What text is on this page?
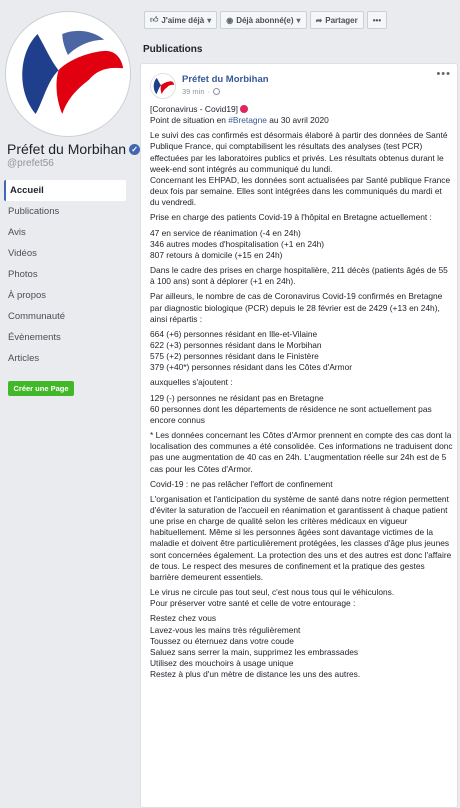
Préfet du Morbihan ✓
@prefet56
Accueil
Publications
Avis
Vidéos
Photos
À propos
Communauté
Évènements
Articles
Créer une Page
👍︎ J'aime déjà ▾ ◉ Déjà abonné(e) ▾ ➦ Partager	•••
Publications
Préfet du Morbihan
39 min ·
•••

[Coronavirus - Covid19]
Point de situation en #Bretagne au 30 avril 2020

Le suivi des cas confirmés est désormais élaboré à partir des données de Santé Publique France, qui comptabilisent les résultats des analyses (test PCR) effectuées par les laboratoires publics et privés. Les résultats obtenus durant le week-end sont intégrés au communiqué du lundi.
Concernant les EHPAD, les données sont actualisées par Santé publique France deux fois par semaine. Elles sont intégrées dans les communiqués du mardi et du vendredi.

Prise en charge des patients Covid-19 à l'hôpital en Bretagne actuellement :

47 en service de réanimation (-4 en 24h)
346 autres modes d'hospitalisation (+1 en 24h)
807 retours à domicile (+15 en 24h)

Dans le cadre des prises en charge hospitalière, 211 décès (patients âgés de 55 à 100 ans) sont à déplorer (+1 en 24h).

Par ailleurs, le nombre de cas de Coronavirus Covid-19 confirmés en Bretagne par diagnostic biologique (PCR) depuis le 28 février est de 2429 (+13 en 24h), ainsi répartis :

664 (+6) personnes résidant en Ille-et-Vilaine
622 (+3) personnes résidant dans le Morbihan
575 (+2) personnes résidant dans le Finistère
379 (+40*) personnes résidant dans les Côtes d'Armor

auxquelles s'ajoutent :

129 (-) personnes ne résidant pas en Bretagne
60 personnes dont les départements de résidence ne sont actuellement pas encore connus

* Les données concernant les Côtes d'Armor prennent en compte des cas dont la localisation des communes a été consolidée. Ces informations ne traduisent donc pas une augmentation de 40 cas en 24h. L'augmentation réelle sur 24h est de 5 cas pour les Côtes d'Armor.

Covid-19 : ne pas relâcher l'effort de confinement

L'organisation et l'anticipation du système de santé dans notre région permettent d'éviter la saturation de l'accueil en réanimation et garantissent à chaque patient une prise en charge de qualité selon les critères médicaux en vigueur habituellement. Même si les personnes âgées sont davantage victimes de la maladie et doivent être particulièrement protégées, les classes d'âge plus jeunes sont concernées également. La protection des uns et des autres est donc l'affaire de tous. Le respect des mesures de confinement et la pratique des gestes barrière demeurent essentiels.

Le virus ne circule pas tout seul, c'est nous tous qui le véhiculons.
Pour préserver votre santé et celle de votre entourage :

Restez chez vous
Lavez-vous les mains très régulièrement
Toussez ou éternuez dans votre coude
Saluez sans serrer la main, supprimez les embrassades
Utilisez des mouchoirs à usage unique
Restez à plus d'un mètre de distance les uns des autres.
